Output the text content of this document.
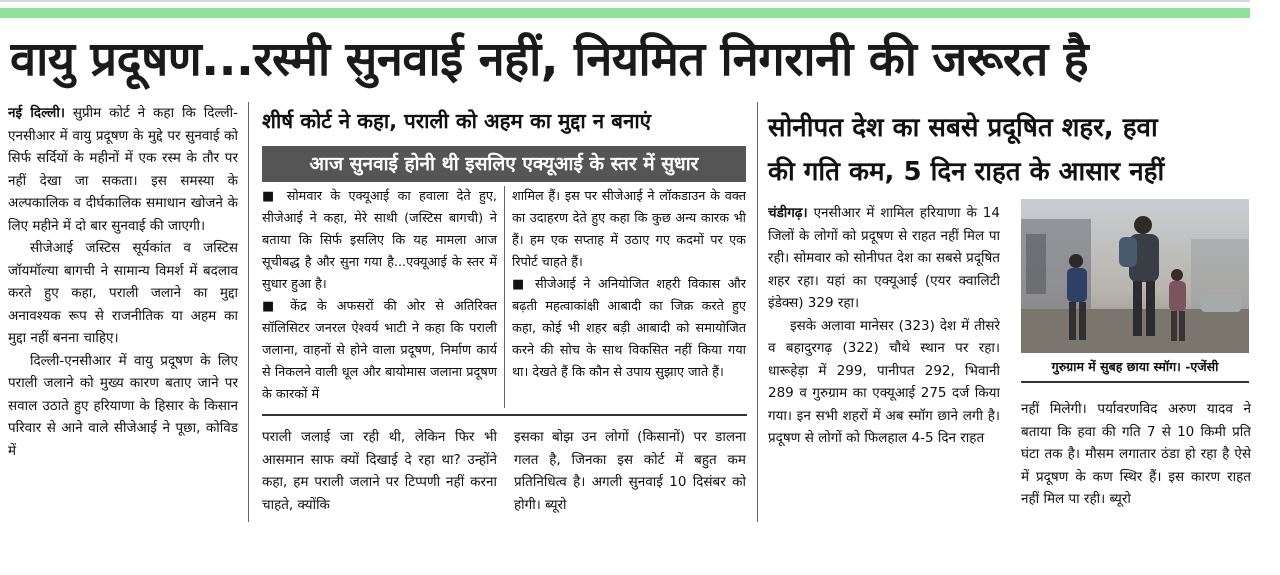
वायु प्रदूषण...रस्मी सुनवाई नहीं, नियमित निगरानी की जरूरत है

नई दिल्ली। सुप्रीम कोर्ट ने कहा कि दिल्ली-एनसीआर में वायु प्रदूषण के मुद्दे पर सुनवाई को सिर्फ सर्दियों के महीनों में एक रस्म के तौर पर नहीं देखा जा सकता। इस समस्या के अल्पकालिक व दीर्घकालिक समाधान खोजने के लिए महीने में दो बार सुनवाई की जाएगी।

सीजेआई जस्टिस सूर्यकांत व जस्टिस जॉयमॉल्या बागची ने सामान्य विमर्श में बदलाव करते हुए कहा, पराली जलाने का मुद्दा अनावश्यक रूप से राजनीतिक या अहम का मुद्दा नहीं बनना चाहिए।

दिल्ली-एनसीआर में वायु प्रदूषण के लिए पराली जलाने को मुख्य कारण बताए जाने पर सवाल उठाते हुए हरियाणा के हिसार के किसान परिवार से आने वाले सीजेआई ने पूछा, कोविड में

शीर्ष कोर्ट ने कहा, पराली को अहम का मुद्दा न बनाएं
आज सुनवाई होनी थी इसलिए एक्यूआई के स्तर में सुधार

■ सोमवार के एक्यूआई का हवाला देते हुए, सीजेआई ने कहा, मेरे साथी (जस्टिस बागची) ने बताया कि सिर्फ इसलिए कि यह मामला आज सूचीबद्ध है और सुना गया है...एक्यूआई के स्तर में सुधार हुआ है।

■ केंद्र के अफसरों की ओर से अतिरिक्त सॉलिसिटर जनरल ऐश्वर्य भाटी ने कहा कि पराली जलाना, वाहनों से होने वाला प्रदूषण, निर्माण कार्य से निकलने वाली धूल और बायोमास जलाना प्रदूषण के कारकों में

शामिल हैं। इस पर सीजेआई ने लॉकडाउन के वक्त का उदाहरण देते हुए कहा कि कुछ अन्य कारक भी हैं। हम एक सप्ताह में उठाए गए कदमों पर एक रिपोर्ट चाहते हैं।

■ सीजेआई ने अनियोजित शहरी विकास और बढ़ती महत्वाकांक्षी आबादी का जिक्र करते हुए कहा, कोई भी शहर बड़ी आबादी को समायोजित करने की सोच के साथ विकसित नहीं किया गया था। देखते हैं कि कौन से उपाय सुझाए जाते हैं।

पराली जलाई जा रही थी, लेकिन फिर भी आसमान साफ क्यों दिखाई दे रहा था? उन्होंने कहा, हम पराली जलाने पर टिप्पणी नहीं करना चाहते, क्योंकि

इसका बोझ उन लोगों (किसानों) पर डालना गलत है, जिनका इस कोर्ट में बहुत कम प्रतिनिधित्व है। अगली सुनवाई 10 दिसंबर को होगी। ब्यूरो

सोनीपत देश का सबसे प्रदूषित शहर, हवा
की गति कम, 5 दिन राहत के आसार नहीं

चंडीगढ़। एनसीआर में शामिल हरियाणा के 14 जिलों के लोगों को प्रदूषण से राहत नहीं मिल पा रही। सोमवार को सोनीपत देश का सबसे प्रदूषित शहर रहा। यहां का एक्यूआई (एयर क्वालिटी इंडेक्स) 329 रहा।

इसके अलावा मानेसर (323) देश में तीसरे व बहादुरगढ़ (322) चौथे स्थान पर रहा। धारूहेड़ा में 299, पानीपत 292, भिवानी 289 व गुरुग्राम का एक्यूआई 275 दर्ज किया गया। इन सभी शहरों में अब स्मॉग छाने लगी है। प्रदूषण से लोगों को फिलहाल 4-5 दिन राहत

गुरुग्राम में सुबह छाया स्मॉग। -एजेंसी

नहीं मिलेगी। पर्यावरणविद अरुण यादव ने बताया कि हवा की गति 7 से 10 किमी प्रति घंटा तक है। मौसम लगातार ठंडा हो रहा है ऐसे में प्रदूषण के कण स्थिर हैं। इस कारण राहत नहीं मिल पा रही। ब्यूरो
